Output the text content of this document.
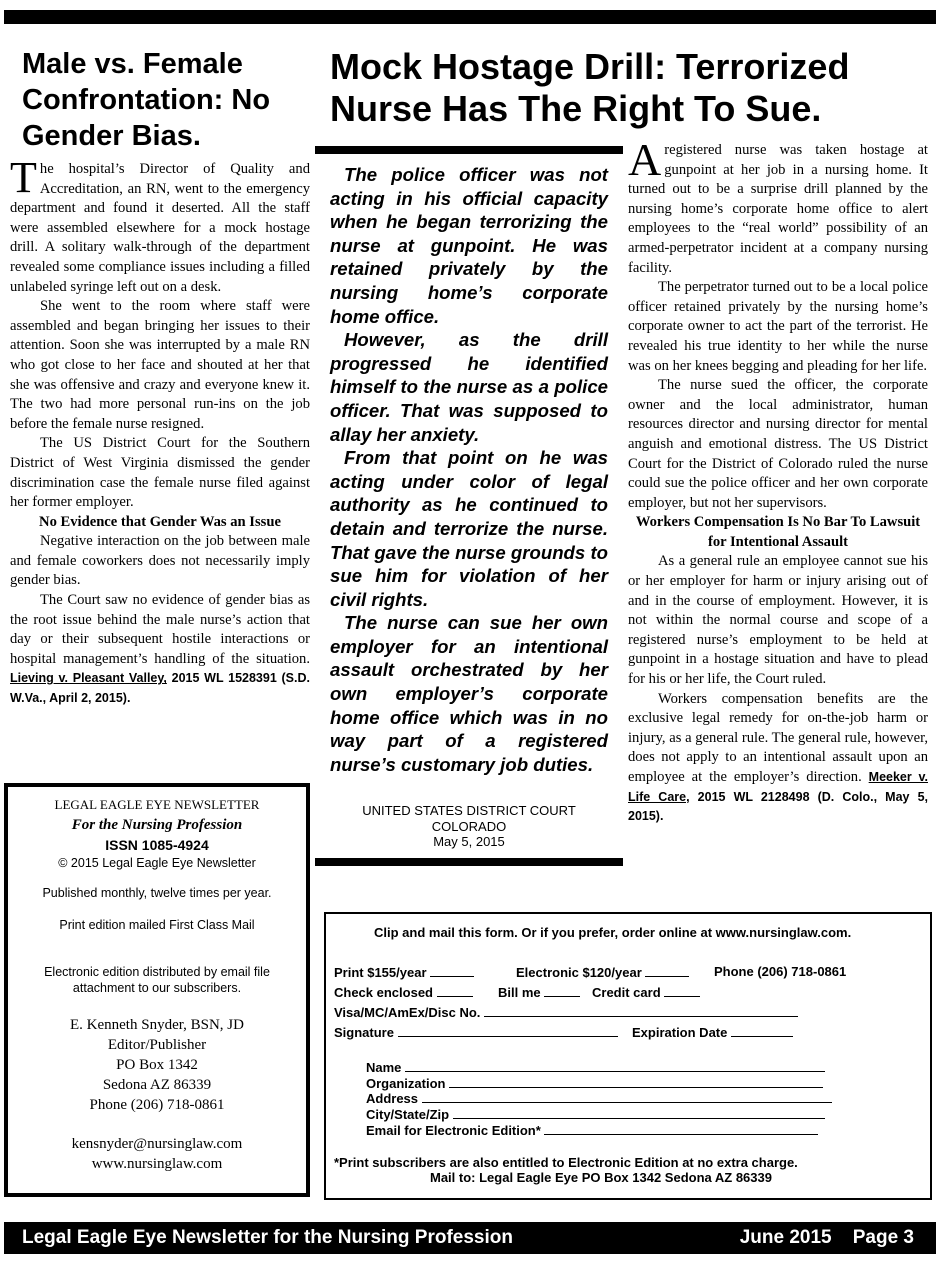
Male vs. Female Confrontation: No Gender Bias.

The hospital’s Director of Quality and Accreditation, an RN, went to the emergency department and found it deserted. All the staff were assembled elsewhere for a mock hostage drill. A solitary walk-through of the department revealed some compliance issues including a filled unlabeled syringe left out on a desk.

She went to the room where staff were assembled and began bringing her issues to their attention. Soon she was interrupted by a male RN who got close to her face and shouted at her that she was offensive and crazy and everyone knew it. The two had more personal run-ins on the job before the female nurse resigned.

The US District Court for the Southern District of West Virginia dismissed the gender discrimination case the female nurse filed against her former employer.

No Evidence that Gender Was an Issue

Negative interaction on the job between male and female coworkers does not necessarily imply gender bias.

The Court saw no evidence of gender bias as the root issue behind the male nurse’s action that day or their subsequent hostile interactions or hospital management’s handling of the situation. Lieving v. Pleasant Valley, 2015 WL 1528391 (S.D. W.Va., April 2, 2015).

Mock Hostage Drill: Terrorized Nurse Has The Right To Sue.

The police officer was not acting in his official capacity when he began terrorizing the nurse at gunpoint. He was retained privately by the nursing home’s corporate home office.

However, as the drill progressed he identified himself to the nurse as a police officer. That was supposed to allay her anxiety.

From that point on he was acting under color of legal authority as he continued to detain and terrorize the nurse. That gave the nurse grounds to sue him for violation of her civil rights.

The nurse can sue her own employer for an intentional assault orchestrated by her own employer’s corporate home office which was in no way part of a registered nurse’s customary job duties.

UNITED STATES DISTRICT COURT
COLORADO
May 5, 2015

Aregistered nurse was taken hostage at gunpoint at her job in a nursing home. It turned out to be a surprise drill planned by the nursing home’s corporate home office to alert employees to the “real world” possibility of an armed-perpetrator incident at a company nursing facility.

The perpetrator turned out to be a local police officer retained privately by the nursing home’s corporate owner to act the part of the terrorist. He revealed his true identity to her while the nurse was on her knees begging and pleading for her life.

The nurse sued the officer, the corporate owner and the local administrator, human resources director and nursing director for mental anguish and emotional distress. The US District Court for the District of Colorado ruled the nurse could sue the police officer and her own corporate employer, but not her supervisors.

Workers Compensation Is No Bar To Lawsuit for Intentional Assault

As a general rule an employee cannot sue his or her employer for harm or injury arising out of and in the course of employment. However, it is not within the normal course and scope of a registered nurse’s employment to be held at gunpoint in a hostage situation and have to plead for his or her life, the Court ruled.

Workers compensation benefits are the exclusive legal remedy for on-the-job harm or injury, as a general rule. The general rule, however, does not apply to an intentional assault upon an employee at the employer’s direction. Meeker v. Life Care, 2015 WL 2128498 (D. Colo., May 5, 2015).

LEGAL EAGLE EYE NEWSLETTER
For the Nursing Profession
ISSN 1085-4924
© 2015 Legal Eagle Eye Newsletter
Published monthly, twelve times per year.
Print edition mailed First Class Mail
Electronic edition distributed by email file
attachment to our subscribers.
E. Kenneth Snyder, BSN, JD
Editor/Publisher
PO Box 1342
Sedona AZ 86339
Phone (206) 718-0861
kensnyder@nursinglaw.com
www.nursinglaw.com
Clip and mail this form. Or if you prefer, order online at www.nursinglaw.com.
Print $155/year	Electronic $120/year	Phone (206) 718-0861
Check enclosed	Bill me	Credit card
Visa/MC/AmEx/Disc No.
Signature	Expiration Date
Name
Organization
Address
City/State/Zip
Email for Electronic Edition*
*Print subscribers are also entitled to Electronic Edition at no extra charge.
Mail to: Legal Eagle Eye PO Box 1342 Sedona AZ 86339
Legal Eagle Eye Newsletter for the Nursing Profession	June 2015 Page 3
